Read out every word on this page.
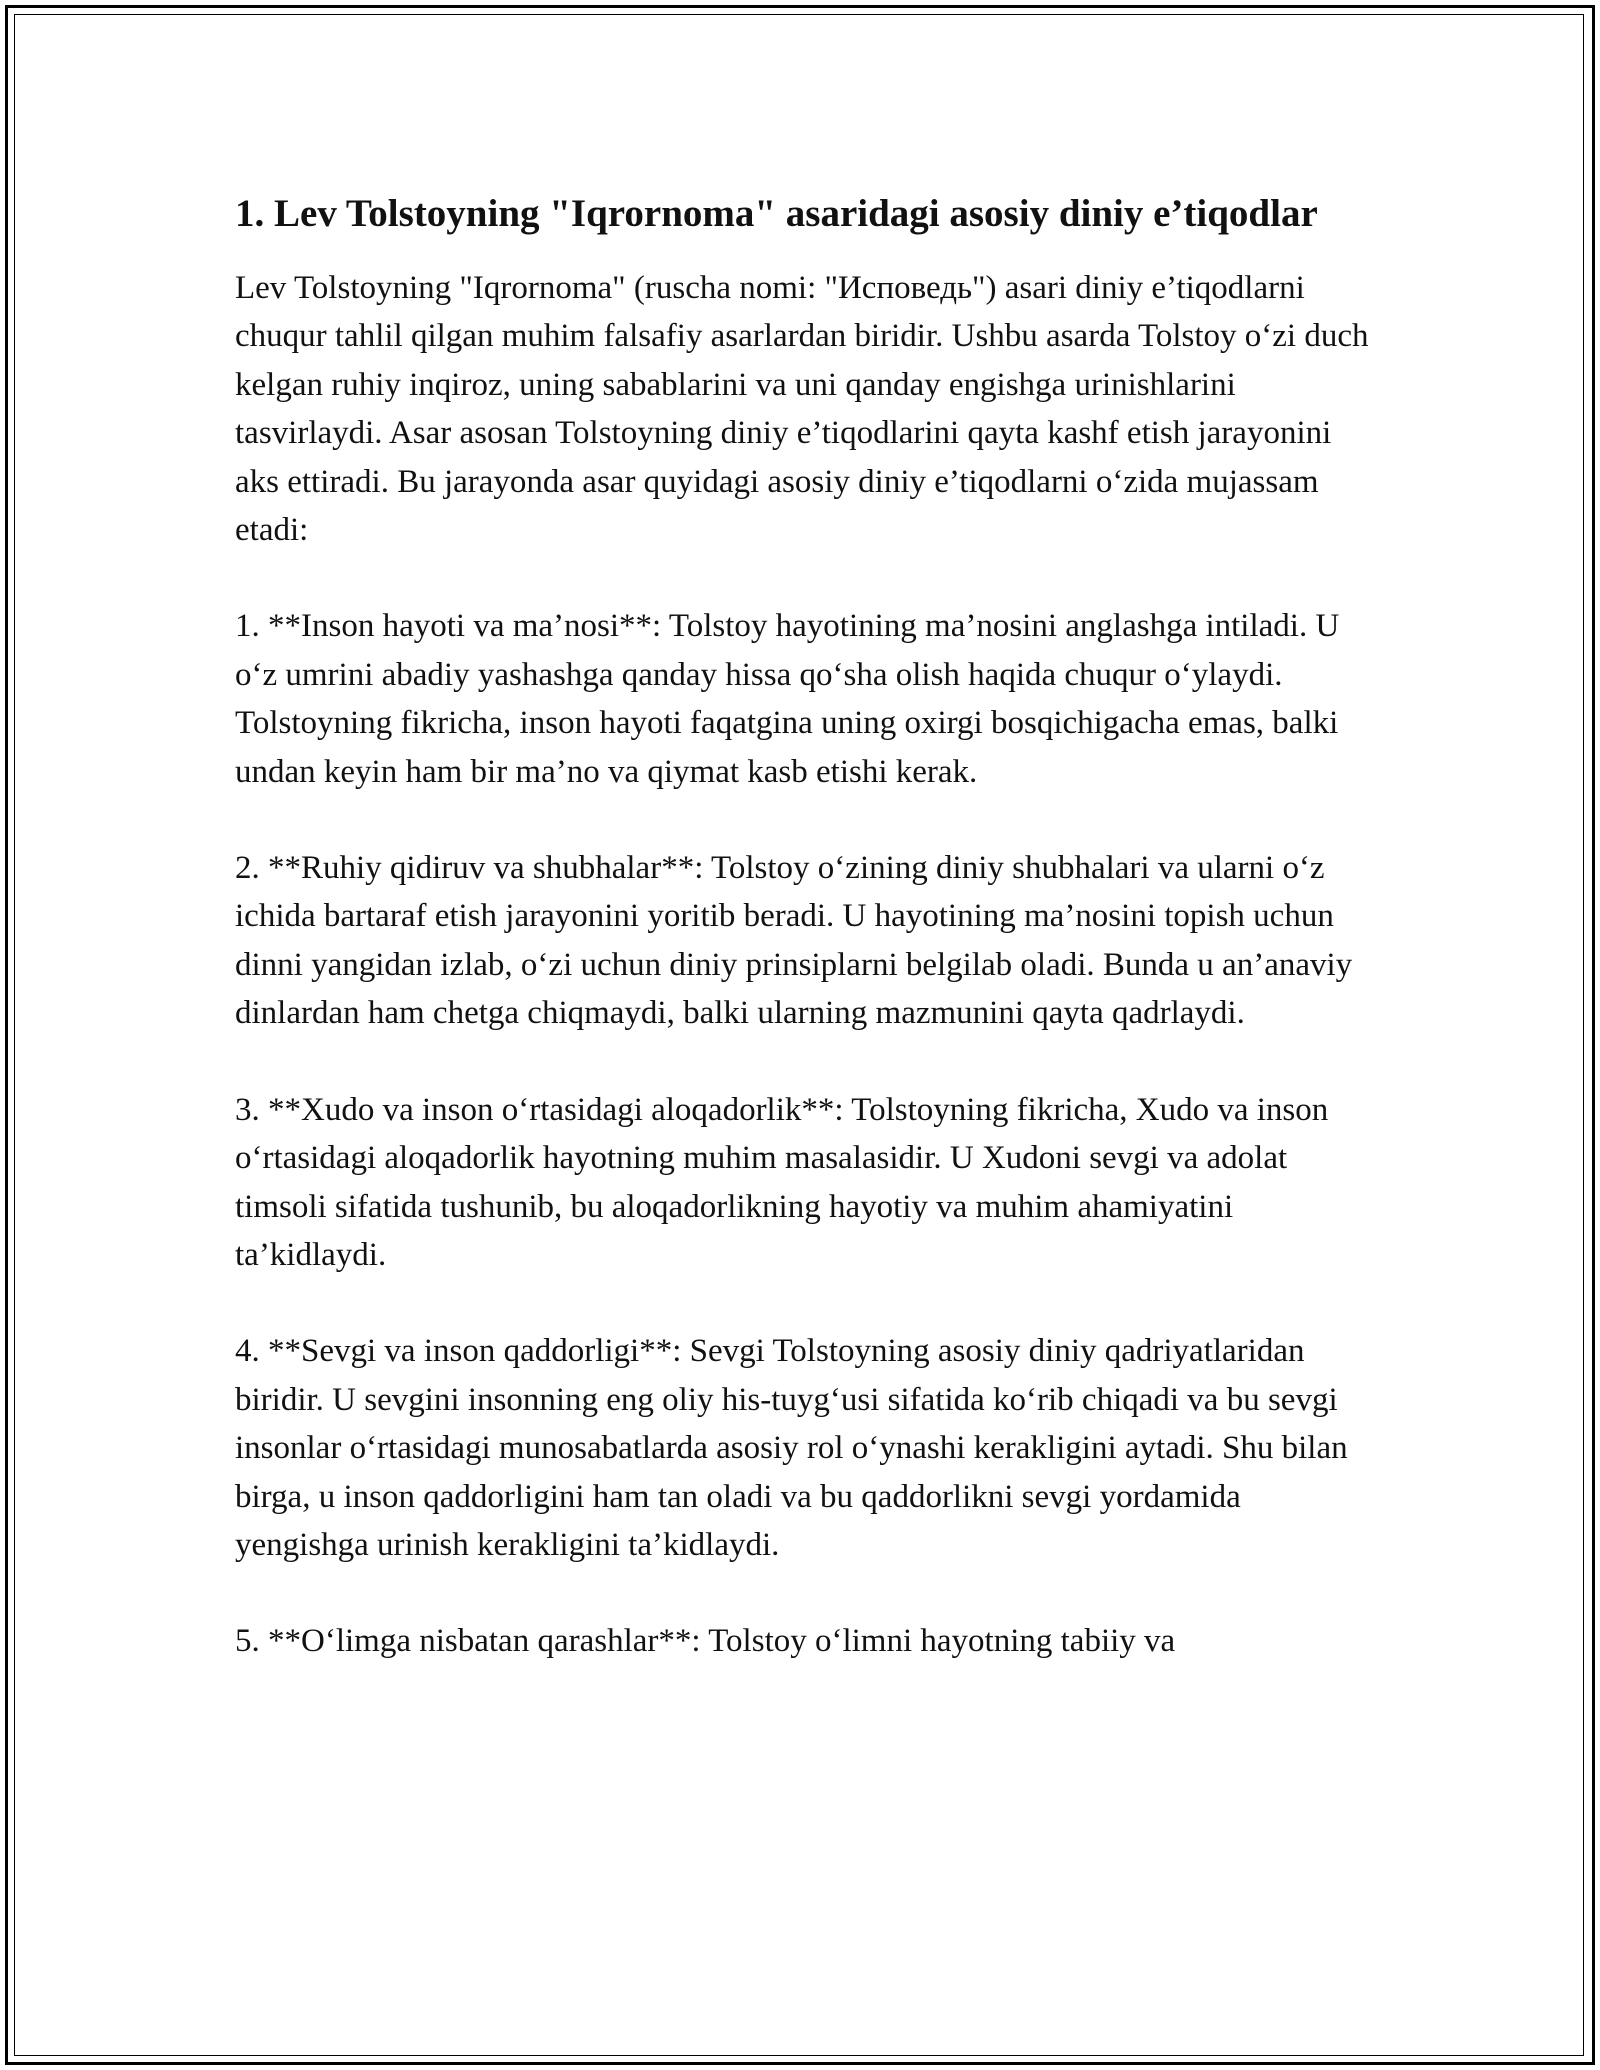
1. Lev Tolstoyning "Iqrornoma" asaridagi asosiy diniy e’tiqodlar

Lev Tolstoyning "Iqrornoma" (ruscha nomi: "Исповедь") asari diniy e’tiqodlarni chuqur tahlil qilgan muhim falsafiy asarlardan biridir. Ushbu asarda Tolstoy o‘zi duch kelgan ruhiy inqiroz, uning sabablarini va uni qanday engishga urinishlarini tasvirlaydi. Asar asosan Tolstoyning diniy e’tiqodlarini qayta kashf etish jarayonini aks ettiradi. Bu jarayonda asar quyidagi asosiy diniy e’tiqodlarni o‘zida mujassam etadi:

1. **Inson hayoti va ma’nosi**: Tolstoy hayotining ma’nosini anglashga intiladi. U o‘z umrini abadiy yashashga qanday hissa qo‘sha olish haqida chuqur o‘ylaydi. Tolstoyning fikricha, inson hayoti faqatgina uning oxirgi bosqichigacha emas, balki undan keyin ham bir ma’no va qiymat kasb etishi kerak.

2. **Ruhiy qidiruv va shubhalar**: Tolstoy o‘zining diniy shubhalari va ularni o‘z ichida bartaraf etish jarayonini yoritib beradi. U hayotining ma’nosini topish uchun dinni yangidan izlab, o‘zi uchun diniy prinsiplarni belgilab oladi. Bunda u an’anaviy dinlardan ham chetga chiqmaydi, balki ularning mazmunini qayta qadrlaydi.

3. **Xudo va inson o‘rtasidagi aloqadorlik**: Tolstoyning fikricha, Xudo va inson o‘rtasidagi aloqadorlik hayotning muhim masalasidir. U Xudoni sevgi va adolat timsoli sifatida tushunib, bu aloqadorlikning hayotiy va muhim ahamiyatini ta’kidlaydi.

4. **Sevgi va inson qaddorligi**: Sevgi Tolstoyning asosiy diniy qadriyatlaridan biridir. U sevgini insonning eng oliy his-tuyg‘usi sifatida ko‘rib chiqadi va bu sevgi insonlar o‘rtasidagi munosabatlarda asosiy rol o‘ynashi kerakligini aytadi. Shu bilan birga, u inson qaddorligini ham tan oladi va bu qaddorlikni sevgi yordamida yengishga urinish kerakligini ta’kidlaydi.

5. **O‘limga nisbatan qarashlar**: Tolstoy o‘limni hayotning tabiiy va
